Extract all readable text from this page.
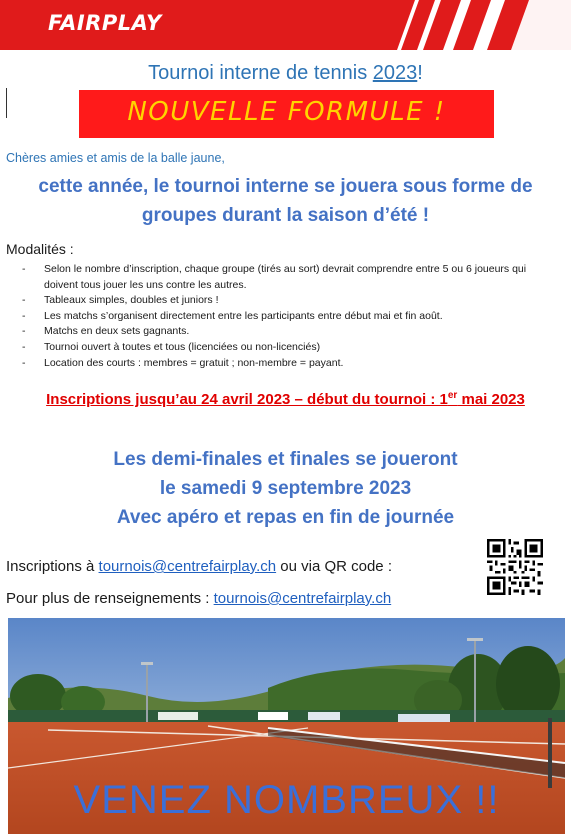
FAIRPLAY
Tournoi interne de tennis 2023!
NOUVELLE FORMULE !
Chères amies et amis de la balle jaune,
cette année, le tournoi interne se jouera sous forme de
groupes durant la saison d’été !
Modalités :
- Selon le nombre d’inscription, chaque groupe (tirés au sort) devrait comprendre entre 5 ou 6 joueurs qui doivent tous jouer les uns contre les autres.
- Tableaux simples, doubles et juniors !
- Les matchs s’organisent directement entre les participants entre début mai et fin août.
- Matchs en deux sets gagnants.
- Tournoi ouvert à toutes et tous (licenciées ou non-licenciés)
- Location des courts : membres = gratuit ; non-membre = payant.
Inscriptions jusqu’au 24 avril 2023 – début du tournoi : 1er mai 2023
Les demi-finales et finales se joueront
le samedi 9 septembre 2023
Avec apéro et repas en fin de journée
Inscriptions à tournois@centrefairplay.ch ou via QR code :
Pour plus de renseignements : tournois@centrefairplay.ch
VENEZ NOMBREUX !!
